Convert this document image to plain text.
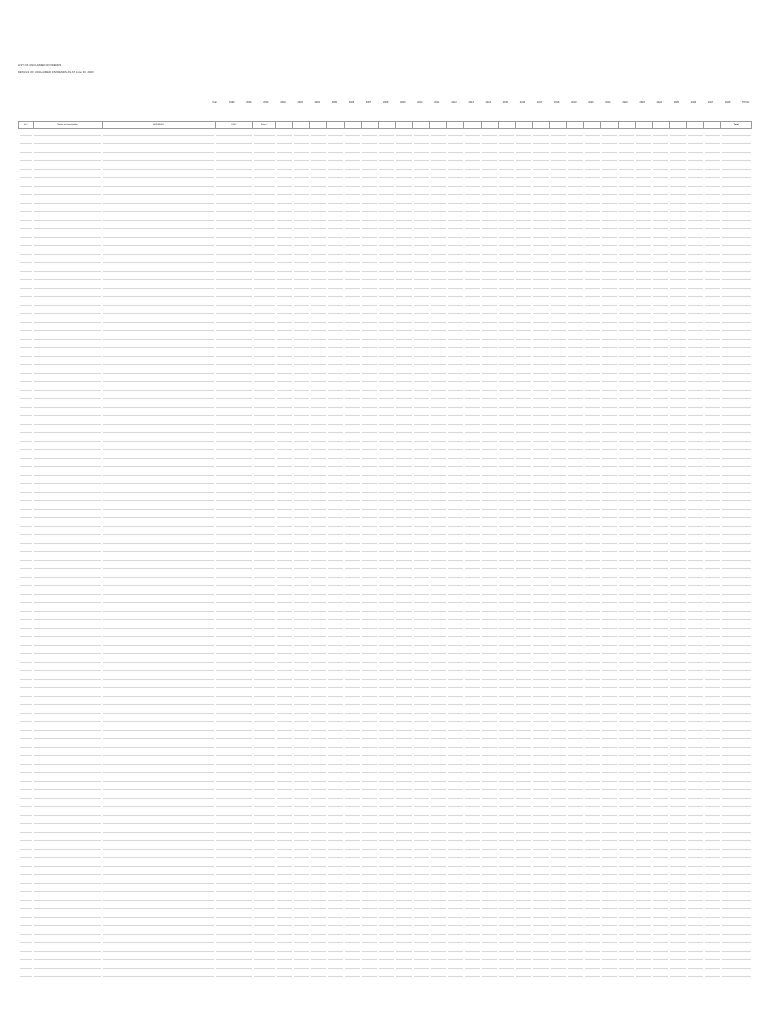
LIST OF UNCLAIMED DIVIDENDS
DETAILS OF UNCLAIMED DIVIDENDS AS AT June 30, 2020
Year	1999	2000	2001	2002	2003	2004	2005	2006	2007	2008	2009	2010	2011	2012	2013	2014	2015	2016	2017	2018	2019	2020	2021	2022	2023	2024	2025	2026	2027	2028	TOTAL
Sr.#	Name of shareholder	ADDRESS	CNIC	Folio #																											Total
